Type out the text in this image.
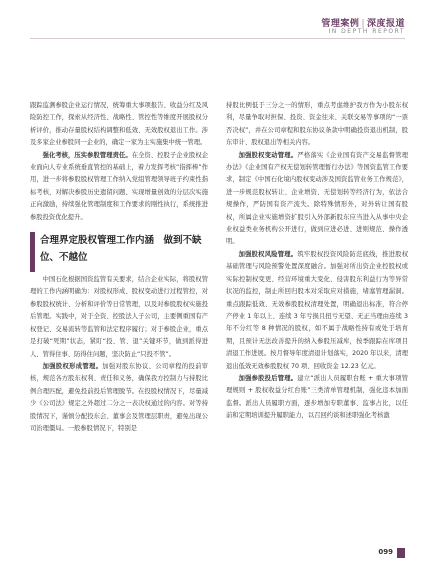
管理案例 | 深度报道
IN DEPTH REPORT

跟踪监测参股企业运行情况，统筹重大事项报告、收益分红及风险防控工作，探索从经济性、战略性、管控性等维度开展股权分析评价，推动存量股权结构调整和低效、无效股权退出工作。涉及多家企业参股同一企业的，确定一家为主实施集中统一管理。

强化考核，压实参股管理责任。在全资、控股子企业股权企业面向人专业系统垂直管控的基础上，着力发挥考核“指挥棒”作用，进一步将参股股权管理工作纳入党组管理领导班子约束性指标考核，对解决参股历史遗留问题、实现增量创效的分层次实施正向激励，持续强化管理制度和工作要求的刚性执行，系统推进参股投资优化提升。

中国石化根据国资监管有关要求，结合企业实际，将股权管理的工作内涵明确为：对股权形成、股权变动进行过程管控，对参股股权统计、分析和评价等日常管理，以及对参股股权实施投后管理。实践中，对于全资、控股法人子公司，主要侧重国有产权登记、交易流转等监管和法定程序履行；对于参股企业，重点是打破“死期”状态，紧盯“投、管、退”关键环节，做到派得进人、管得住事、防得住问题，坚决防止“只投不管”。

加强股权形成管理。加强对股东协议、公司章程的投前审核，规范各方股东权利、责任和义务，确保我方控制力与持股比例合理匹配，避免投前投后管理脱节。在投股权情况下，尽量减少《公司法》规定之外超过二分之一表决权通过的内容。对等持股情况下，谨慎分配投东会、董事会及管理层职责，避免出现公司治理僵局。一般参股情况下，特别是

合理界定股权管理工作内涵　做到不缺位、不越位

持股比例低于三分之一的情形，重点考虑维护我方作为小股东权利，尽量争取对担保、投资、资金往来、关联交易等事项的“一票否决权”，并在公司章程和股东协议条款中明确投资退出机制，股东审计、股权退出等相关内容。

加强股权变动管理。严格落实《企业国有资产交易监督管理办法》《企业国有产权无偿划转管理暂行办法》等国资监管工作要求，制定《中国石化境内股权变动涉及国资监管业务工作规范》，进一步规范股权转让、企业增资、无偿划转等经济行为，依法合规操作，严防国有资产流失。除特殊情形外，对外转让国有股权，所属企业实施增资扩股引入外部新股东应当进入从事中央企业权益类业务机构公开进行，做到应进必进、进则规范、操作透明。

加强股权风险管理。筑牢股权投资风险防范底线，推进股权基础管理与风险预警处置深度融合。加强对所出资企业控股权或实际控制权变更、经营环境重大变化、侵害股东利益行为等异常状况的监控，制止所回归股本对采取应对措施，堵塞管理漏洞。重点跟踪低效、无效参股股权清理处置，明确退出标准，符合停产停业 1 年以上、连续 3 年亏损且扭亏无望、无正当理由连续 3 年不分红等 8 种情况的股权，如不属于战略性持有或处于培育期，且预计无法改善提升的纳入参股压减库，按季跟踪在库项目清退工作进展。按月督导年度清退计划落实，2020 年以来，清理退出低效无效参股股权 70 项、回收资金 12.23 亿元。

加强参股投后管理。建立“派出人员履职台账 + 重大事项管理规则 + 股权收益分红台账”三类清单管理机制，强化违本加面监督。派出人员履职方面，逐步增加专职董事、监事占比，以任前和定期培训提升履职能力，以召回约谈和述职强化考核激

099
